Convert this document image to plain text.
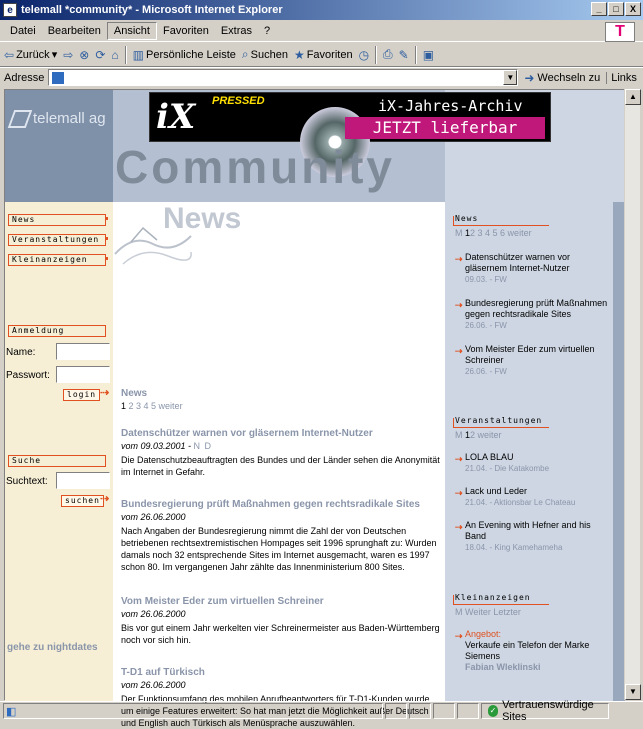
e telemall *community* - Microsoft Internet Explorer	_	□	X
Datei	Bearbeiten	Ansicht	Favoriten	Extras	?	T
⇦ Zurück ▾ ⇨ ⊗ ⟳ ⌂ ▥ Persönliche Leiste ⌕ Suchen ★ Favoriten ◷ ⎙ ✎ ▣
Adresse	▼ ➜ Wechseln zu	Links
telemall ag iX PRESSED	iX-Jahres-Archiv
JETZT lieferbar
Community
News
Veranstaltungen
Kleinanzeigen
Anmeldung
Name:
Passwort:
login ⇢
Suche
Suchtext:
suchen ⇢
gehe zu nightdates
News
News
1 2 3 4 5 weiter
Datenschützer warnen vor gläsernem Internet-Nutzer
vom 09.03.2001 - N D
Die Datenschutzbeauftragten des Bundes und der Länder sehen die Anonymität im Internet in Gefahr.
Bundesregierung prüft Maßnahmen gegen rechtsradikale Sites
vom 26.06.2000
Nach Angaben der Bundesregierung nimmt die Zahl der von Deutschen betriebenen rechtsextremistischen Hompages seit 1996 sprunghaft zu: Wurden damals noch 32 entsprechende Sites im Internet ausgemacht, waren es 1997 schon 80. Im vergangenen Jahr zählte das Innenministerium 800 Sites.
Vom Meister Eder zum virtuellen Schreiner
vom 26.06.2000
Bis vor gut einem Jahr werkelten vier Schreinermeister aus Baden-Württemberg noch vor sich hin.
T-D1 auf Türkisch
vom 26.06.2000
Der Funktionsumfang des mobilen Anrufbeantworters für T-D1-Kunden wurde um einige Features erweitert: So hat man jetzt die Möglichkeit außer Deutsch und English auch Türkisch als Menüsprache auszuwählen.
News
M 12 3 4 5 6 weiter
⇢ Datenschützer warnen vor gläsernem Internet-Nutzer
09.03. - FW
⇢ Bundesregierung prüft Maßnahmen gegen rechtsradikale Sites
26.06. - FW
⇢ Vom Meister Eder zum virtuellen Schreiner
26.06. - FW
Veranstaltungen
M 12 weiter
⇢ LOLA BLAU
21.04. - Die Katakombe
⇢ Lack und Leder
21.04. - Aktionsbar Le Chateau
⇢ An Evening with Hefner and his Band
18.04. - King Kamehameha
Kleinanzeigen
M Weiter Letzter
⇢ Angebot:
Verkaufe ein Telefon der Marke Siemens
Fabian Wleklinski
▲
▼
◧	✓ Vertrauenswürdige Sites
